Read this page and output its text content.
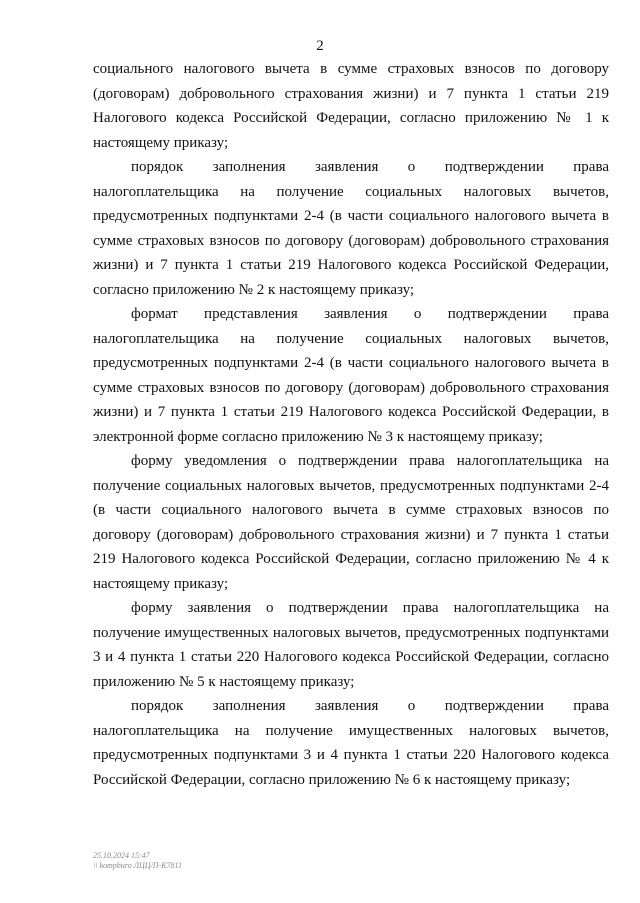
2

социального налогового вычета в сумме страховых взносов по договору (договорам) добровольного страхования жизни) и 7 пункта 1 статьи 219 Налогового кодекса Российской Федерации, согласно приложению № 1 к настоящему приказу;

порядок заполнения заявления о подтверждении права налогоплательщика на получение социальных налоговых вычетов, предусмотренных подпунктами 2-4 (в части социального налогового вычета в сумме страховых взносов по договору (договорам) добровольного страхования жизни) и 7 пункта 1 статьи 219 Налогового кодекса Российской Федерации, согласно приложению № 2 к настоящему приказу;

формат представления заявления о подтверждении права налогоплательщика на получение социальных налоговых вычетов, предусмотренных подпунктами 2-4 (в части социального налогового вычета в сумме страховых взносов по договору (договорам) добровольного страхования жизни) и 7 пункта 1 статьи 219 Налогового кодекса Российской Федерации, в электронной форме согласно приложению № 3 к настоящему приказу;

форму уведомления о подтверждении права налогоплательщика на получение социальных налоговых вычетов, предусмотренных подпунктами 2-4 (в части социального налогового вычета в сумме страховых взносов по договору (договорам) добровольного страхования жизни) и 7 пункта 1 статьи 219 Налогового кодекса Российской Федерации, согласно приложению № 4 к настоящему приказу;

форму заявления о подтверждении права налогоплательщика на получение имущественных налоговых вычетов, предусмотренных подпунктами 3 и 4 пункта 1 статьи 220 Налогового кодекса Российской Федерации, согласно приложению № 5 к настоящему приказу;

порядок заполнения заявления о подтверждении права налогоплательщика на получение имущественных налоговых вычетов, предусмотренных подпунктами 3 и 4 пункта 1 статьи 220 Налогового кодекса Российской Федерации, согласно приложению № 6 к настоящему приказу;

25.10.2024 15:47
\\ kompburo ЛЦЦ/П-К7811
